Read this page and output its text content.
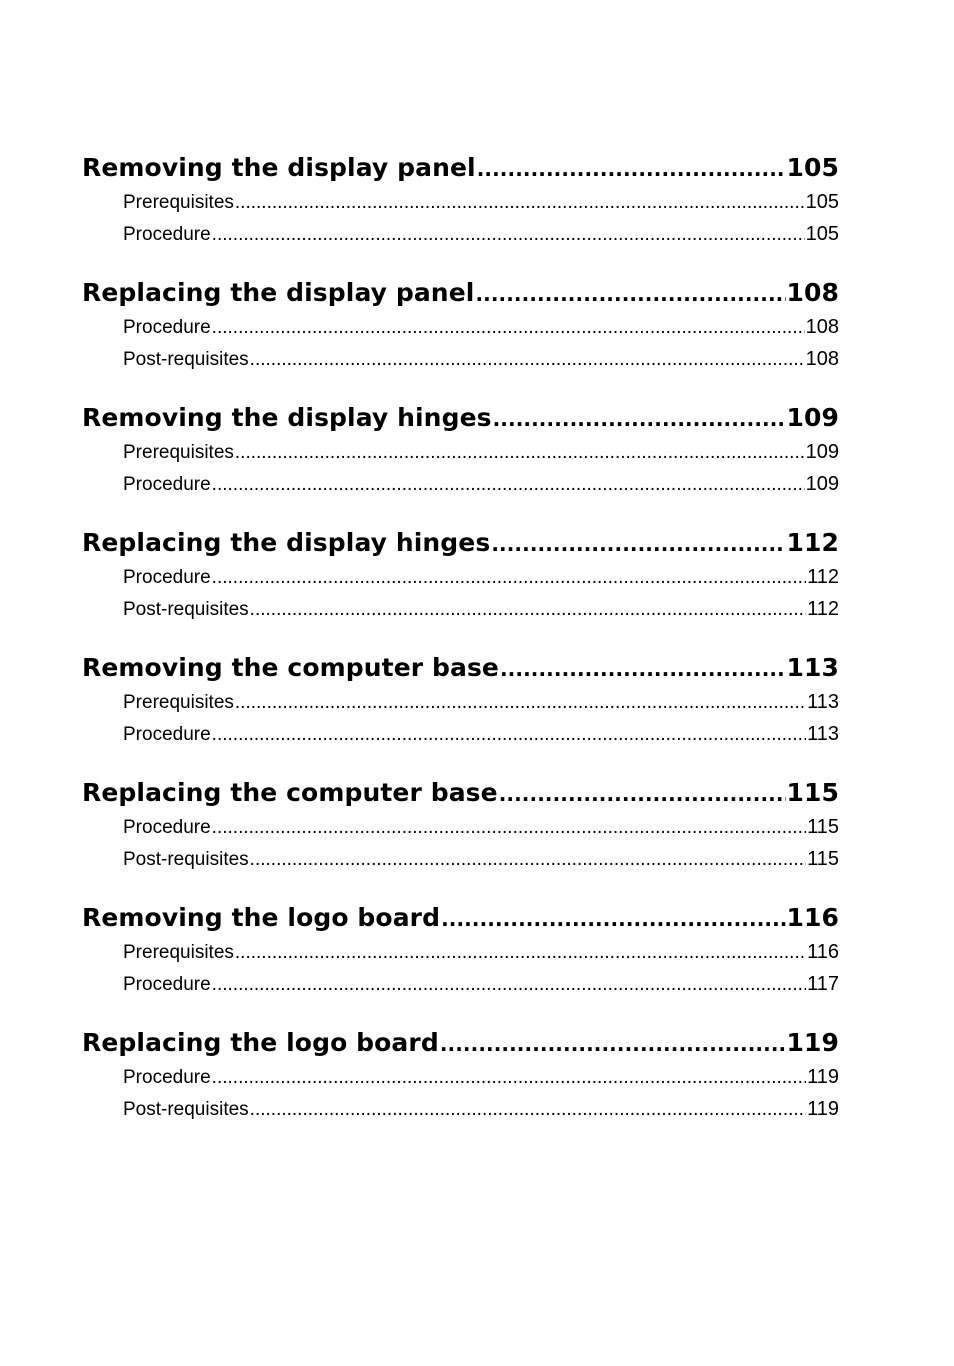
Removing the display panel .....	105
Prerequisites .....	105
Procedure .....	105
Replacing the display panel .....	108
Procedure .....	108
Post-requisites .....	108
Removing the display hinges .....	109
Prerequisites .....	109
Procedure .....	109
Replacing the display hinges .....	112
Procedure .....	112
Post-requisites .....	112
Removing the computer base .....	113
Prerequisites .....	113
Procedure .....	113
Replacing the computer base .....	115
Procedure .....	115
Post-requisites .....	115
Removing the logo board .....	116
Prerequisites .....	116
Procedure .....	117
Replacing the logo board .....	119
Procedure .....	119
Post-requisites .....	119
